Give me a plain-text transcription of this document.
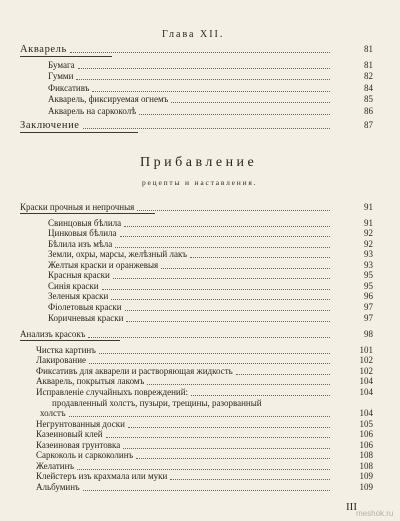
Глава XII.
Акварель	81
Бумага	81
Гумми	82
Фиксативъ	84
Акварель, фиксируемая огнемъ	85
Акварель на саркоколѣ	86
Заключение	87
Прибавление
рецепты и наставления.
Краски прочныя и непрочныя	91
Свинцовыя бѣлила	91
Цинковыя бѣлила	92
Бѣлила изъ мѣла	92
Земли, охры, марсы, желѣзный лакъ	93
Желтыя краски и оранжевыя	93
Красныя краски	95
Синія краски	95
Зеленыя краски	96
Фіолетовыя краски	97
Коричневыя краски	97
Анализъ красокъ	98
Чистка картинъ	101
Лакирование	102
Фиксативъ для акварели и растворяющая жидкость	102
Акварель, покрытыя лакомъ	104
Исправленіе случайныхъ повреждений:	104
продавленный холстъ, пузыри, трещины, разорванный
холстъ	104
Негрунтованныя доски	105
Казеиновый клей	106
Казеиновая грунтовка	106
Саркоколь и саркоколинъ	108
Желатинъ	108
Клейстеръ изъ крахмала или муки	109
Альбуминъ	109
III
meshok.ru
